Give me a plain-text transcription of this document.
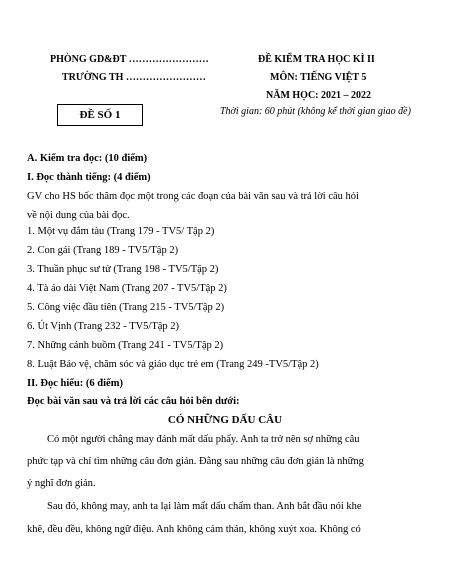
PHÒNG GD&ĐT ……………………
TRƯỜNG TH ……………………
ĐỀ KIỂM TRA HỌC KÌ II
MÔN: TIẾNG VIỆT 5
NĂM HỌC: 2021 – 2022
Thời gian: 60 phút (không kể thời gian giao đề)
ĐỀ SỐ 1
A. Kiểm tra đọc: (10 điểm)
I. Đọc thành tiếng: (4 điểm)
GV cho HS bốc thăm đọc một trong các đoạn của bài văn sau và trả lời câu hỏi
về nội dung của bài đọc.
1. Một vụ đắm tàu (Trang 179 - TV5/ Tập 2)
2. Con gái (Trang 189 - TV5/Tập 2)
3. Thuần phục sư tử (Trang 198 - TV5/Tập 2)
4. Tà áo dài Việt Nam (Trang 207 - TV5/Tập 2)
5. Công việc đầu tiên (Trang 215 - TV5/Tập 2)
6. Út Vịnh (Trang 232 - TV5/Tập 2)
7. Những cánh buồm (Trang 241 - TV5/Tập 2)
8. Luật Bảo vệ, chăm sóc và giáo dục trẻ em (Trang 249 -TV5/Tập 2)
II. Đọc hiểu: (6 điểm)
Đọc bài văn sau và trả lời các câu hỏi bên dưới:
CÓ NHỮNG DẤU CÂU
Có một người chẳng may đánh mất dấu phẩy. Anh ta trở nên sợ những câu
phức tạp và chỉ tìm những câu đơn giản. Đằng sau những câu đơn giản là những
ý nghĩ đơn giản.
Sau đó, không may, anh ta lại làm mất dấu chấm than. Anh bắt đầu nói khe
khẽ, đều đều, không ngữ điệu. Anh không cảm thán, không xuýt xoa. Không có
